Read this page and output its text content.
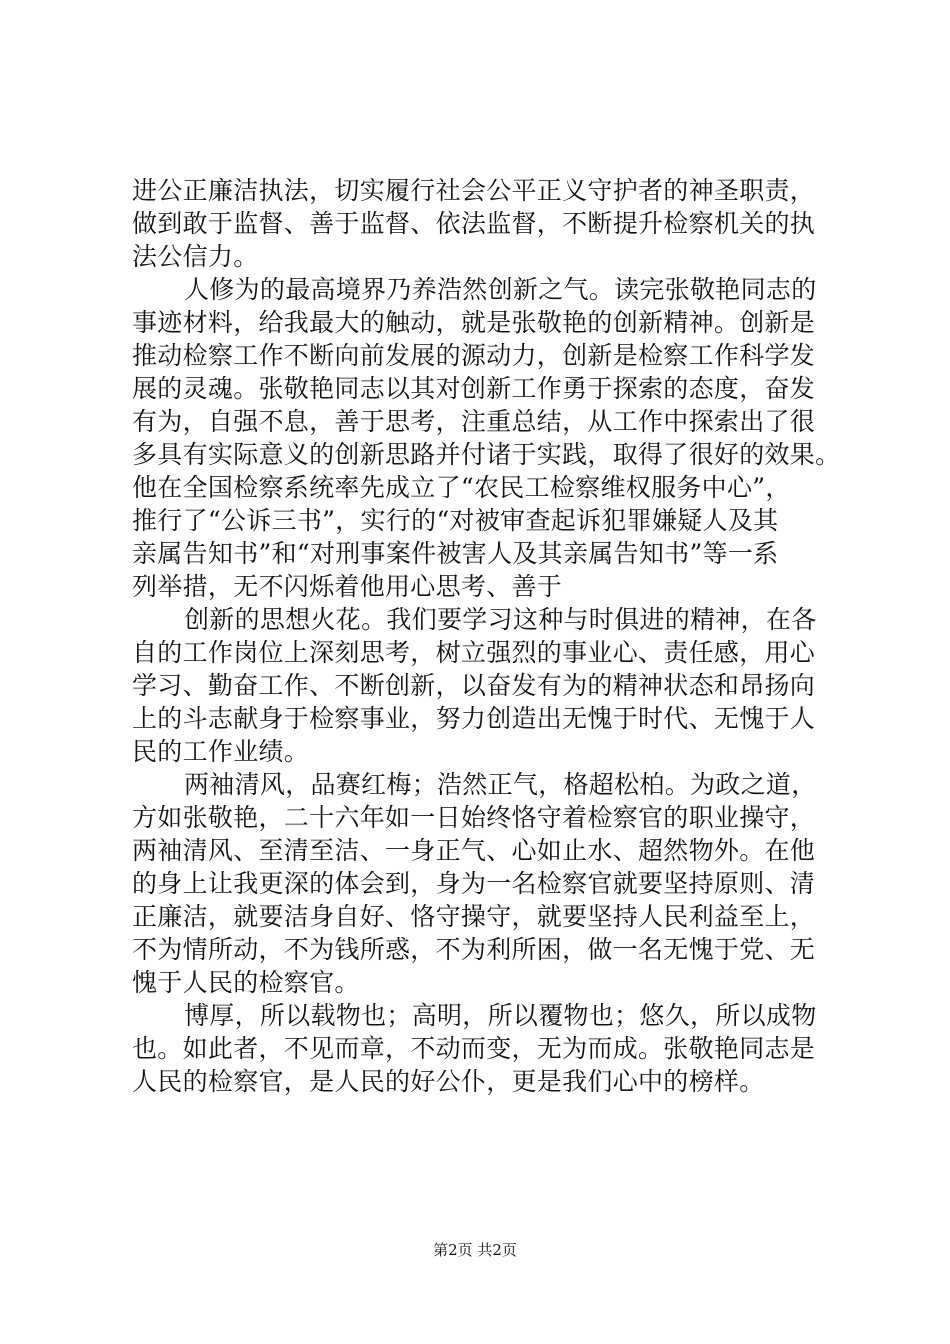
进公正廉洁执法，切实履行社会公平正义守护者的神圣职责，
做到敢于监督、善于监督、依法监督，不断提升检察机关的执
法公信力。
人修为的最高境界乃养浩然创新之气。读完张敬艳同志的
事迹材料，给我最大的触动，就是张敬艳的创新精神。创新是
推动检察工作不断向前发展的源动力，创新是检察工作科学发
展的灵魂。张敬艳同志以其对创新工作勇于探索的态度，奋发
有为，自强不息，善于思考，注重总结，从工作中探索出了很
多具有实际意义的创新思路并付诸于实践，取得了很好的效果。
他在全国检察系统率先成立了“农民工检察维权服务中心”，
推行了“公诉三书”，实行的“对被审查起诉犯罪嫌疑人及其
亲属告知书”和“对刑事案件被害人及其亲属告知书”等一系
列举措，无不闪烁着他用心思考、善于
创新的思想火花。我们要学习这种与时俱进的精神，在各
自的工作岗位上深刻思考，树立强烈的事业心、责任感，用心
学习、勤奋工作、不断创新，以奋发有为的精神状态和昂扬向
上的斗志献身于检察事业，努力创造出无愧于时代、无愧于人
民的工作业绩。
两袖清风，品赛红梅；浩然正气，格超松柏。为政之道，
方如张敬艳，二十六年如一日始终恪守着检察官的职业操守，
两袖清风、至清至洁、一身正气、心如止水、超然物外。在他
的身上让我更深的体会到，身为一名检察官就要坚持原则、清
正廉洁，就要洁身自好、恪守操守，就要坚持人民利益至上，
不为情所动，不为钱所惑，不为利所困，做一名无愧于党、无
愧于人民的检察官。
博厚，所以载物也；高明，所以覆物也；悠久，所以成物
也。如此者，不见而章，不动而变，无为而成。张敬艳同志是
人民的检察官，是人民的好公仆，更是我们心中的榜样。
第2页 共2页
